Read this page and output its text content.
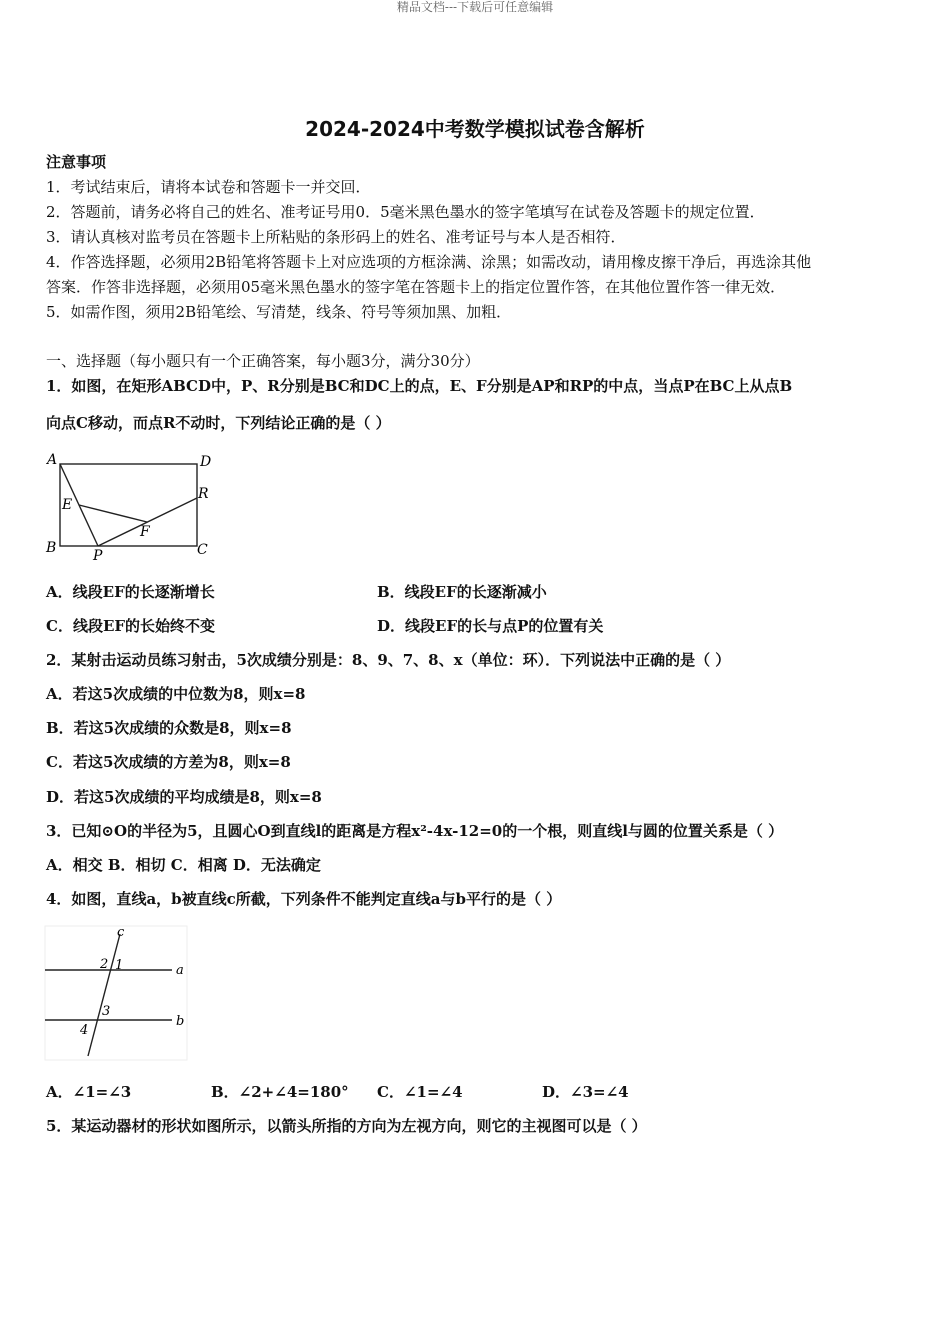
精品文档---下载后可任意编辑
2024-2024中考数学模拟试卷含解析
注意事项
1．考试结束后，请将本试卷和答题卡一并交回．
2．答题前，请务必将自己的姓名、准考证号用0．5毫米黑色墨水的签字笔填写在试卷及答题卡的规定位置．
3．请认真核对监考员在答题卡上所粘贴的条形码上的姓名、准考证号与本人是否相符．
4．作答选择题，必须用2B铅笔将答题卡上对应选项的方框涂满、涂黑；如需改动，请用橡皮擦干净后，再选涂其他
答案．作答非选择题，必须用05毫米黑色墨水的签字笔在答题卡上的指定位置作答，在其他位置作答一律无效．
5．如需作图，须用2B铅笔绘、写清楚，线条、符号等须加黑、加粗．
一、选择题（每小题只有一个正确答案，每小题3分，满分30分）
1．如图，在矩形ABCD中，P、R分别是BC和DC上的点，E、F分别是AP和RP的中点，当点P在BC上从点B
向点C移动，而点R不动时，下列结论正确的是（ ）
A	D
R
E
F
B	P	C
A．线段EF的长逐渐增长	B．线段EF的长逐渐减小
C．线段EF的长始终不变	D．线段EF的长与点P的位置有关
2．某射击运动员练习射击，5次成绩分别是：8、9、7、8、x（单位：环）．下列说法中正确的是（ ）
A．若这5次成绩的中位数为8，则x=8
B．若这5次成绩的众数是8，则x=8
C．若这5次成绩的方差为8，则x=8
D．若这5次成绩的平均成绩是8，则x=8
3．已知⊙O的半径为5，且圆心O到直线l的距离是方程x²-4x-12=0的一个根，则直线l与圆的位置关系是（ ）
A．相交 B．相切 C．相离 D．无法确定
4．如图，直线a，b被直线c所截，下列条件不能判定直线a与b平行的是（ ）
c
a
b
2 1
3
4
A．∠1=∠3	B．∠2+∠4=180° C．∠1=∠4	D．∠3=∠4
5．某运动器材的形状如图所示，以箭头所指的方向为左视方向，则它的主视图可以是（ ）
